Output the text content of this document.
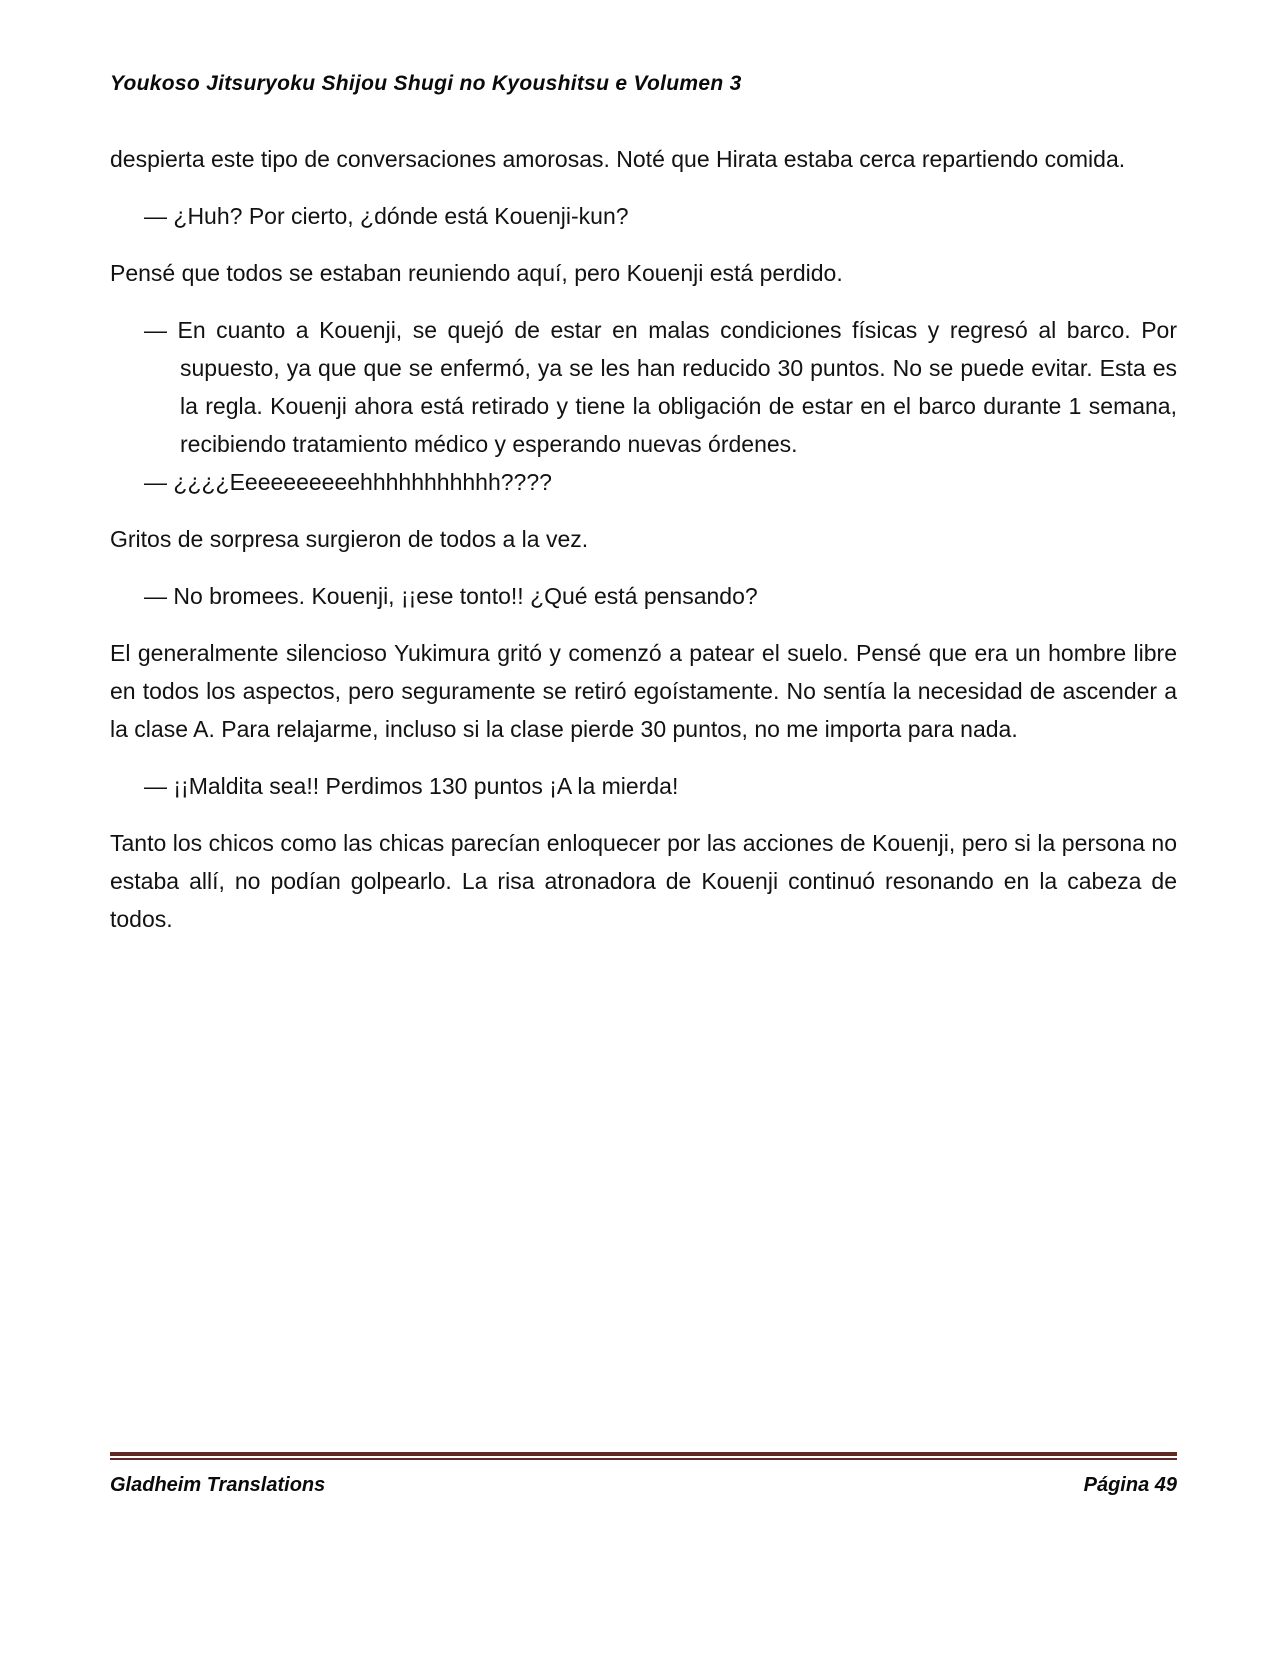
Youkoso Jitsuryoku Shijou Shugi no Kyoushitsu e Volumen 3

despierta este tipo de conversaciones amorosas. Noté que Hirata estaba cerca repartiendo comida.

— ¿Huh? Por cierto, ¿dónde está Kouenji-kun?

Pensé que todos se estaban reuniendo aquí, pero Kouenji está perdido.

— En cuanto a Kouenji, se quejó de estar en malas condiciones físicas y regresó al barco. Por supuesto, ya que que se enfermó, ya se les han reducido 30 puntos. No se puede evitar. Esta es la regla. Kouenji ahora está retirado y tiene la obligación de estar en el barco durante 1 semana, recibiendo tratamiento médico y esperando nuevas órdenes.

— ¿¿¿¿Eeeeeeeeeehhhhhhhhhhh????

Gritos de sorpresa surgieron de todos a la vez.

— No bromees. Kouenji, ¡¡ese tonto!! ¿Qué está pensando?

El generalmente silencioso Yukimura gritó y comenzó a patear el suelo. Pensé que era un hombre libre en todos los aspectos, pero seguramente se retiró egoístamente. No sentía la necesidad de ascender a la clase A. Para relajarme, incluso si la clase pierde 30 puntos, no me importa para nada.

— ¡¡Maldita sea!! Perdimos 130 puntos ¡A la mierda!

Tanto los chicos como las chicas parecían enloquecer por las acciones de Kouenji, pero si la persona no estaba allí, no podían golpearlo. La risa atronadora de Kouenji continuó resonando en la cabeza de todos.

Gladheim Translations	Página 49
